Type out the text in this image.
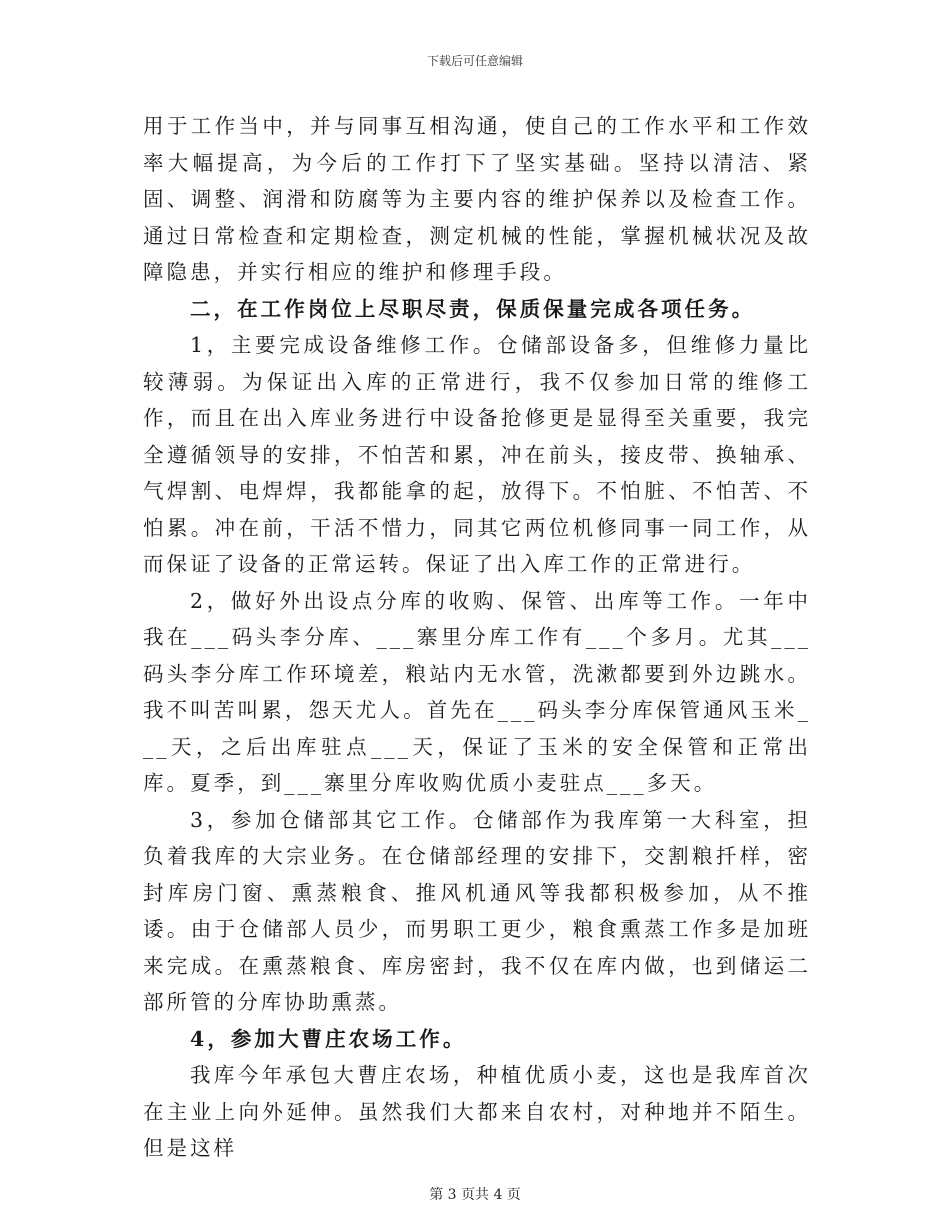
下载后可任意编辑

用于工作当中，并与同事互相沟通，使自己的工作水平和工作效率大幅提高，为今后的工作打下了坚实基础。坚持以清洁、紧固、调整、润滑和防腐等为主要内容的维护保养以及检查工作。通过日常检查和定期检查，测定机械的性能，掌握机械状况及故障隐患，并实行相应的维护和修理手段。

二，在工作岗位上尽职尽责，保质保量完成各项任务。

1，主要完成设备维修工作。仓储部设备多，但维修力量比较薄弱。为保证出入库的正常进行，我不仅参加日常的维修工作，而且在出入库业务进行中设备抢修更是显得至关重要，我完全遵循领导的安排，不怕苦和累，冲在前头，接皮带、换轴承、气焊割、电焊焊，我都能拿的起，放得下。不怕脏、不怕苦、不怕累。冲在前，干活不惜力，同其它两位机修同事一同工作，从而保证了设备的正常运转。保证了出入库工作的正常进行。

2，做好外出设点分库的收购、保管、出库等工作。一年中我在___码头李分库、___寨里分库工作有___个多月。尤其___码头李分库工作环境差，粮站内无水管，洗漱都要到外边跳水。我不叫苦叫累，怨天尤人。首先在___码头李分库保管通风玉米___天，之后出库驻点___天，保证了玉米的安全保管和正常出库。夏季，到___寨里分库收购优质小麦驻点___多天。

3，参加仓储部其它工作。仓储部作为我库第一大科室，担负着我库的大宗业务。在仓储部经理的安排下，交割粮扦样，密封库房门窗、熏蒸粮食、推风机通风等我都积极参加，从不推诿。由于仓储部人员少，而男职工更少，粮食熏蒸工作多是加班来完成。在熏蒸粮食、库房密封，我不仅在库内做，也到储运二部所管的分库协助熏蒸。

4，参加大曹庄农场工作。

我库今年承包大曹庄农场，种植优质小麦，这也是我库首次在主业上向外延伸。虽然我们大都来自农村，对种地并不陌生。但是这样

第 3 页共 4 页
